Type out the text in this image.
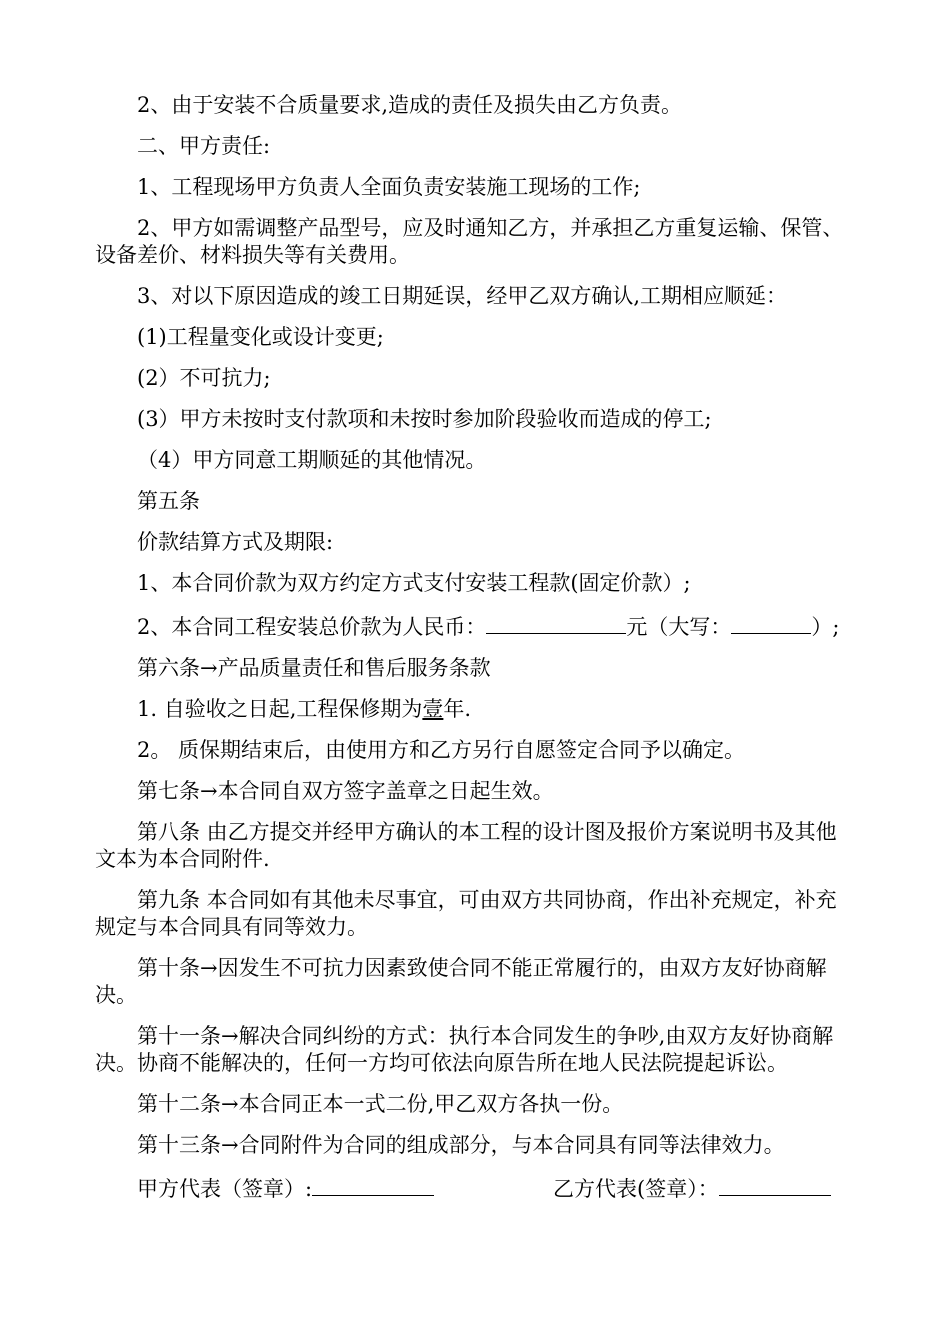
2、由于安装不合质量要求,造成的责任及损失由乙方负责。

二、甲方责任:

1、工程现场甲方负责人全面负责安装施工现场的工作;

2、甲方如需调整产品型号，应及时通知乙方，并承担乙方重复运输、保管、设备差价、材料损失等有关费用。

3、对以下原因造成的竣工日期延误，经甲乙双方确认,工期相应顺延：

(1)工程量变化或设计变更;

(2）不可抗力;

(3）甲方未按时支付款项和未按时参加阶段验收而造成的停工;

（4）甲方同意工期顺延的其他情况。

第五条

价款结算方式及期限:

1、本合同价款为双方约定方式支付安装工程款(固定价款）;

2、本合同工程安装总价款为人民币：	元（大写：	）;

第六条→产品质量责任和售后服务条款

1. 自验收之日起,工程保修期为壹年.

2。 质保期结束后，由使用方和乙方另行自愿签定合同予以确定。

第七条→本合同自双方签字盖章之日起生效。

第八条 由乙方提交并经甲方确认的本工程的设计图及报价方案说明书及其他文本为本合同附件.

第九条 本合同如有其他未尽事宜，可由双方共同协商，作出补充规定，补充规定与本合同具有同等效力。

第十条→因发生不可抗力因素致使合同不能正常履行的，由双方友好协商解决。

第十一条→解决合同纠纷的方式：执行本合同发生的争吵,由双方友好协商解决。协商不能解决的，任何一方均可依法向原告所在地人民法院提起诉讼。

第十二条→本合同正本一式二份,甲乙双方各执一份。

第十三条→合同附件为合同的组成部分，与本合同具有同等法律效力。

甲方代表（签章）:	乙方代表(签章）：
